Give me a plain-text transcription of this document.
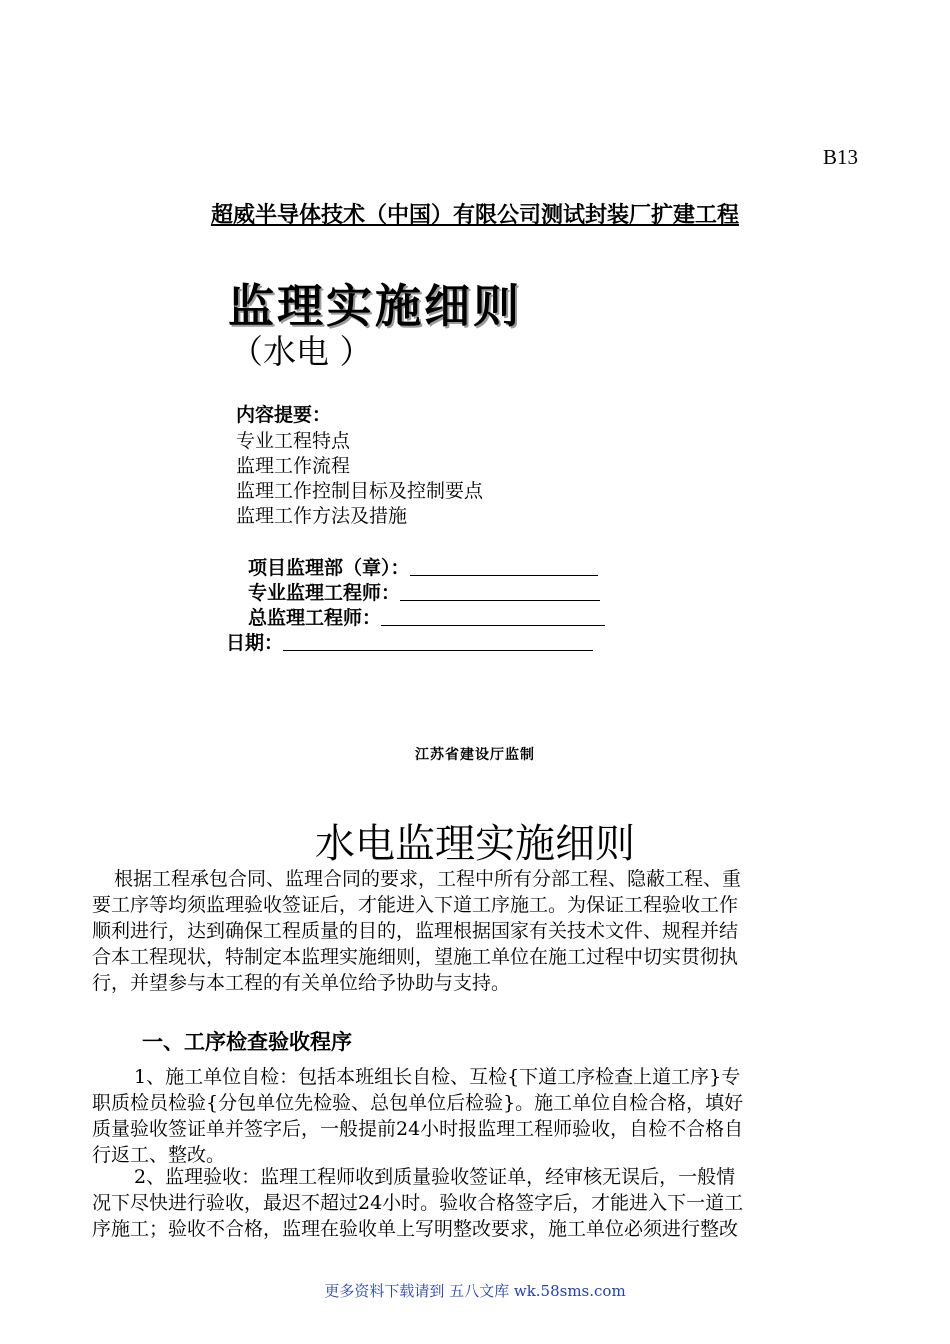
B13
超威半导体技术（中国）有限公司测试封装厂扩建工程
监理实施细则
（水电 ）
内容提要：
专业工程特点
监理工作流程
监理工作控制目标及控制要点
监理工作方法及措施
项目监理部（章）：
专业监理工程师：
总监理工程师：
日期：
江苏省建设厅监制
水电监理实施细则
根据工程承包合同、监理合同的要求，工程中所有分部工程、隐蔽工程、重
要工序等均须监理验收签证后，才能进入下道工序施工。为保证工程验收工作
顺利进行，达到确保工程质量的目的，监理根据国家有关技术文件、规程并结
合本工程现状，特制定本监理实施细则，望施工单位在施工过程中切实贯彻执
行，并望参与本工程的有关单位给予协助与支持。
一、工序检查验收程序
1、施工单位自检：包括本班组长自检、互检{下道工序检查上道工序}专
职质检员检验{分包单位先检验、总包单位后检验}。施工单位自检合格，填好
质量验收签证单并签字后，一般提前24小时报监理工程师验收，自检不合格自
行返工、整改。
2、监理验收：监理工程师收到质量验收签证单，经审核无误后，一般情
况下尽快进行验收，最迟不超过24小时。验收合格签字后，才能进入下一道工
序施工；验收不合格，监理在验收单上写明整改要求，施工单位必须进行整改
更多资料下载请到 五八文库 wk.58sms.com
